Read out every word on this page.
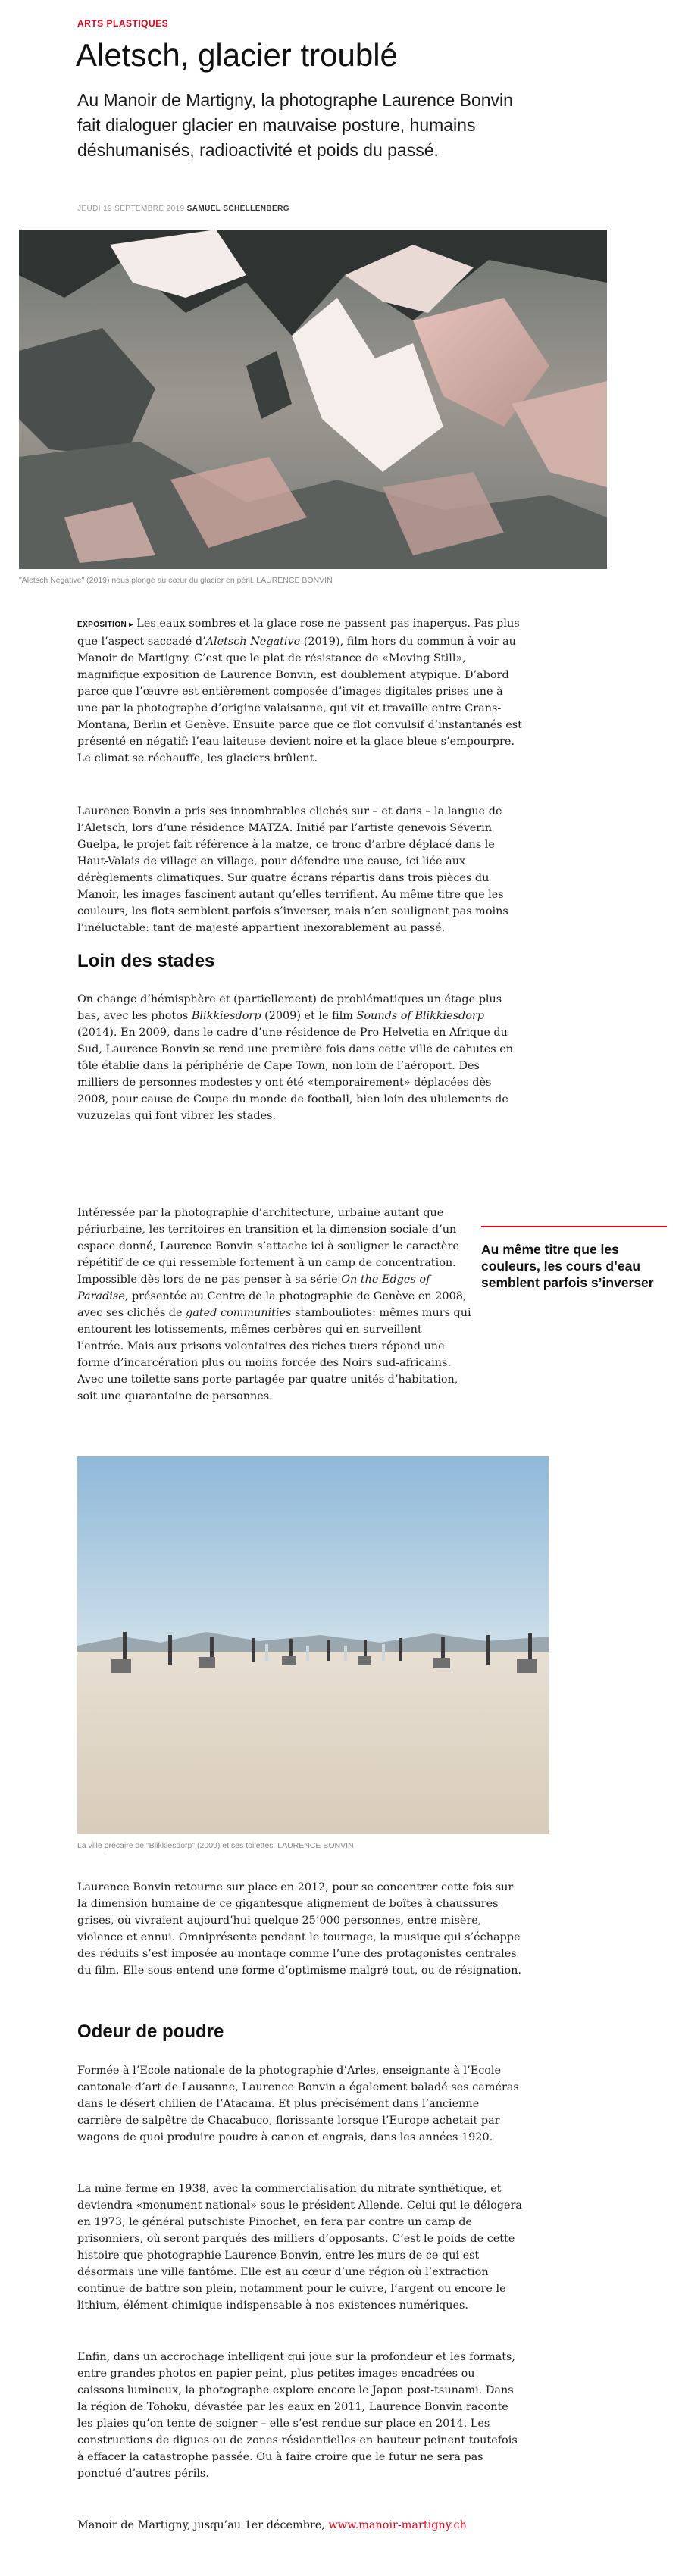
ARTS PLASTIQUES
Aletsch, glacier troublé

Au Manoir de Martigny, la photographe Laurence Bonvin fait dialoguer glacier en mauvaise posture, humains déshumanisés, radioactivité et poids du passé.

JEUDI 19 SEPTEMBRE 2019 SAMUEL SCHELLENBERG
"Aletsch Negative" (2019) nous plonge au cœur du glacier en péril. LAURENCE BONVIN

EXPOSITION ▸ Les eaux sombres et la glace rose ne passent pas inaperçus. Pas plus que l’aspect saccadé d’Aletsch Negative (2019), film hors du commun à voir au Manoir de Martigny. C’est que le plat de résistance de «Moving Still», magnifique exposition de Laurence Bonvin, est doublement atypique. D’abord parce que l’œuvre est entièrement composée d’images digitales prises une à une par la photographe d’origine valaisanne, qui vit et travaille entre Crans-Montana, Berlin et Genève. Ensuite parce que ce flot convulsif d’instantanés est présenté en négatif: l’eau laiteuse devient noire et la glace bleue s’empourpre. Le climat se réchauffe, les glaciers brûlent.

Laurence Bonvin a pris ses innombrables clichés sur – et dans – la langue de l’Aletsch, lors d’une résidence MATZA. Initié par l’artiste genevois Séverin Guelpa, le projet fait référence à la matze, ce tronc d’arbre déplacé dans le Haut-Valais de village en village, pour défendre une cause, ici liée aux dérèglements climatiques. Sur quatre écrans répartis dans trois pièces du Manoir, les images fascinent autant qu’elles terrifient. Au même titre que les couleurs, les flots semblent parfois s’inverser, mais n’en soulignent pas moins l’inéluctable: tant de majesté appartient inexorablement au passé.

Loin des stades

On change d’hémisphère et (partiellement) de problématiques un étage plus bas, avec les photos Blikkiesdorp (2009) et le film Sounds of Blikkiesdorp (2014). En 2009, dans le cadre d’une résidence de Pro Helvetia en Afrique du Sud, Laurence Bonvin se rend une première fois dans cette ville de cahutes en tôle établie dans la périphérie de Cape Town, non loin de l’aéroport. Des milliers de personnes modestes y ont été «temporairement» déplacées dès 2008, pour cause de Coupe du monde de football, bien loin des ululements de vuzuzelas qui font vibrer les stades.

Intéressée par la photographie d’architecture, urbaine autant que périurbaine, les territoires en transition et la dimension sociale d’un espace donné, Laurence Bonvin s’attache ici à souligner le caractère répétitif de ce qui ressemble fortement à un camp de concentration. Impossible dès lors de ne pas penser à sa série On the Edges of Paradise, présentée au Centre de la photographie de Genève en 2008, avec ses clichés de gated communities stambouliotes: mêmes murs qui entourent les lotissements, mêmes cerbères qui en surveillent l’entrée. Mais aux prisons volontaires des riches tuers répond une forme d’incarcération plus ou moins forcée des Noirs sud-africains. Avec une toilette sans porte partagée par quatre unités d’habitation, soit une quarantaine de personnes.

Au même titre que les couleurs, les cours d’eau semblent parfois s’inverser
La ville précaire de "Blikkiesdorp" (2009) et ses toilettes. LAURENCE BONVIN

Laurence Bonvin retourne sur place en 2012, pour se concentrer cette fois sur la dimension humaine de ce gigantesque alignement de boîtes à chaussures grises, où vivraient aujourd’hui quelque 25’000 personnes, entre misère, violence et ennui. Omniprésente pendant le tournage, la musique qui s’échappe des réduits s’est imposée au montage comme l’une des protagonistes centrales du film. Elle sous-entend une forme d’optimisme malgré tout, ou de résignation.

Odeur de poudre

Formée à l’Ecole nationale de la photographie d’Arles, enseignante à l’Ecole cantonale d’art de Lausanne, Laurence Bonvin a également baladé ses caméras dans le désert chilien de l’Atacama. Et plus précisément dans l’ancienne carrière de salpêtre de Chacabuco, florissante lorsque l’Europe achetait par wagons de quoi produire poudre à canon et engrais, dans les années 1920.

La mine ferme en 1938, avec la commercialisation du nitrate synthétique, et deviendra «monument national» sous le président Allende. Celui qui le délogera en 1973, le général putschiste Pinochet, en fera par contre un camp de prisonniers, où seront parqués des milliers d’opposants. C’est le poids de cette histoire que photographie Laurence Bonvin, entre les murs de ce qui est désormais une ville fantôme. Elle est au cœur d’une région où l’extraction continue de battre son plein, notamment pour le cuivre, l’argent ou encore le lithium, élément chimique indispensable à nos existences numériques.

Enfin, dans un accrochage intelligent qui joue sur la profondeur et les formats, entre grandes photos en papier peint, plus petites images encadrées ou caissons lumineux, la photographe explore encore le Japon post-tsunami. Dans la région de Tohoku, dévastée par les eaux en 2011, Laurence Bonvin raconte les plaies qu’on tente de soigner – elle s’est rendue sur place en 2014. Les constructions de digues ou de zones résidentielles en hauteur peinent toutefois à effacer la catastrophe passée. Ou à faire croire que le futur ne sera pas ponctué d’autres périls.

Manoir de Martigny, jusqu’au 1er décembre, www.manoir-martigny.ch
